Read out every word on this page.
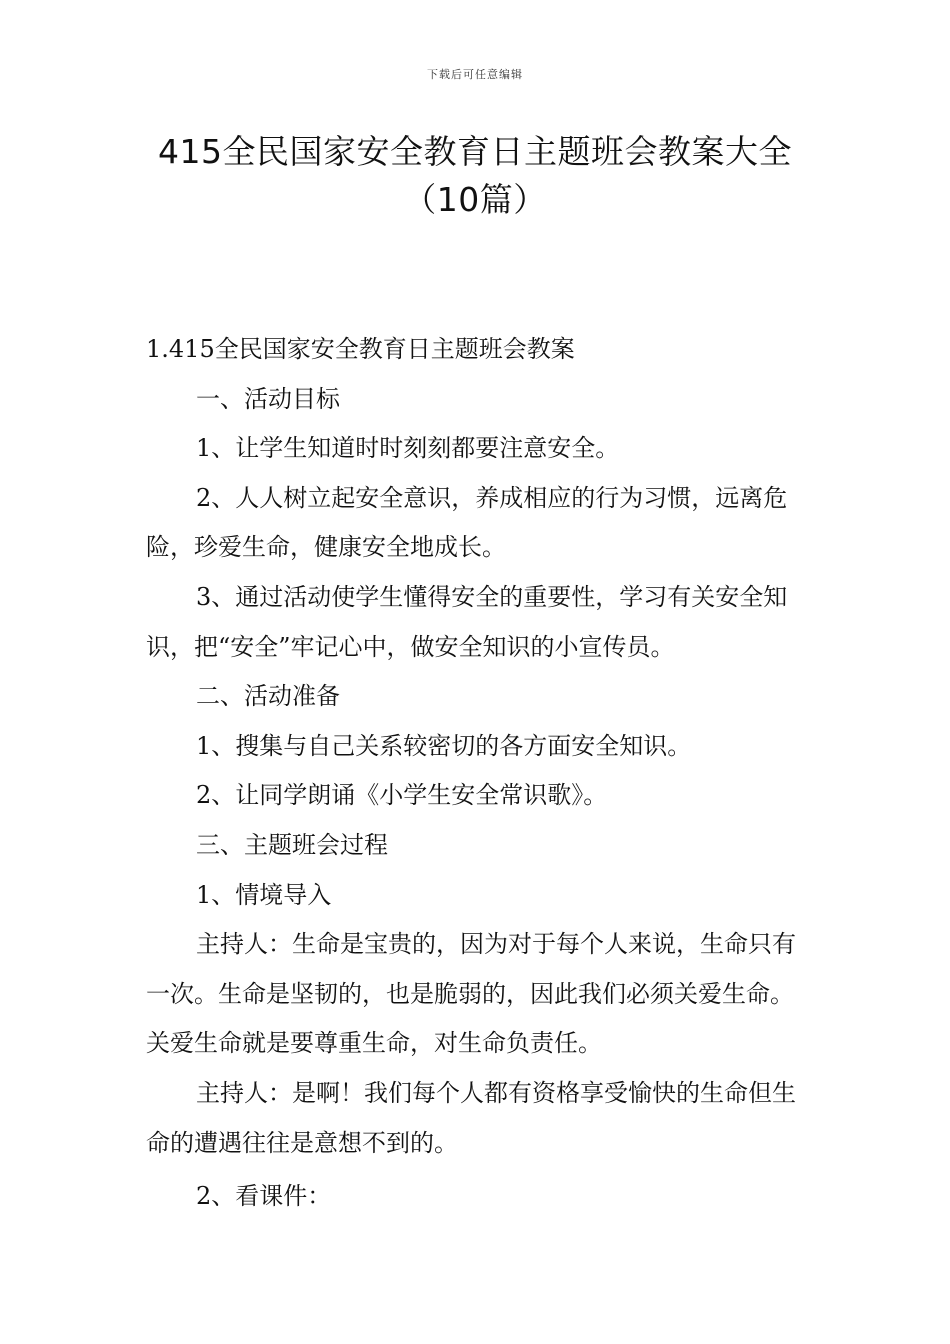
下载后可任意编辑
415全民国家安全教育日主题班会教案大全
（10篇）

1.415全民国家安全教育日主题班会教案

一、活动目标

1、让学生知道时时刻刻都要注意安全。

2、人人树立起安全意识，养成相应的行为习惯，远离危险，珍爱生命，健康安全地成长。

3、通过活动使学生懂得安全的重要性，学习有关安全知识，把“安全”牢记心中，做安全知识的小宣传员。

二、活动准备

1、搜集与自己关系较密切的各方面安全知识。

2、让同学朗诵《小学生安全常识歌》。

三、主题班会过程

1、情境导入

主持人：生命是宝贵的，因为对于每个人来说，生命只有一次。生命是坚韧的，也是脆弱的，因此我们必须关爱生命。关爱生命就是要尊重生命，对生命负责任。

主持人：是啊！我们每个人都有资格享受愉快的生命但生命的遭遇往往是意想不到的。

2、看课件：
